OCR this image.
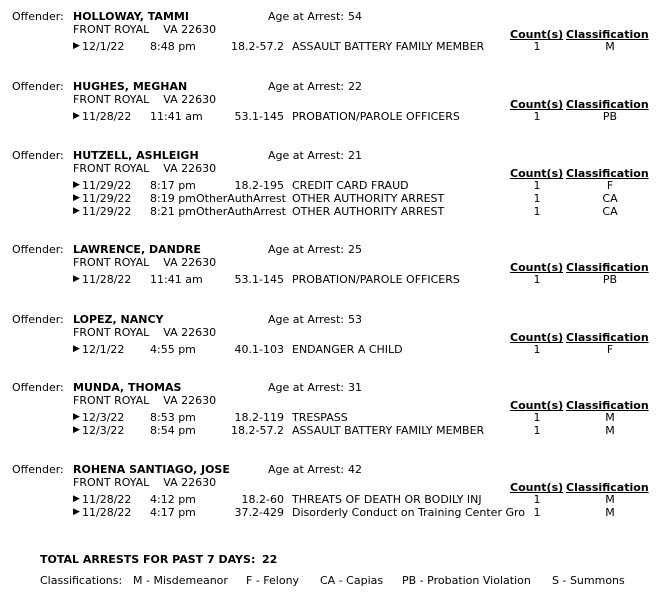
Offender: HOLLOWAY, TAMMI	Age at Arrest: 54
FRONT ROYAL    VA 22630	Count(s) Classification
▶ 12/1/22 8:48 pm	18.2-57.2 ASSAULT BATTERY FAMILY MEMBER	1	M
Offender: HUGHES, MEGHAN	Age at Arrest: 22
FRONT ROYAL    VA 22630	Count(s) Classification
▶ 11/28/22 11:41 am	53.1-145 PROBATION/PAROLE OFFICERS	1	PB
Offender: HUTZELL, ASHLEIGH	Age at Arrest: 21
FRONT ROYAL    VA 22630	Count(s) Classification
▶ 11/29/22 8:17 pm	18.2-195 CREDIT CARD FRAUD	1	F
▶ 11/29/22 8:19 pm OtherAuthArrest OTHER AUTHORITY ARREST	1	CA
▶ 11/29/22 8:21 pm OtherAuthArrest OTHER AUTHORITY ARREST	1	CA
Offender: LAWRENCE, DANDRE	Age at Arrest: 25
FRONT ROYAL    VA 22630	Count(s) Classification
▶ 11/28/22 11:41 am	53.1-145 PROBATION/PAROLE OFFICERS	1	PB
Offender: LOPEZ, NANCY	Age at Arrest: 53
FRONT ROYAL    VA 22630	Count(s) Classification
▶ 12/1/22 4:55 pm	40.1-103 ENDANGER A CHILD	1	F
Offender: MUNDA, THOMAS	Age at Arrest: 31
FRONT ROYAL    VA 22630	Count(s) Classification
▶ 12/3/22 8:53 pm	18.2-119 TRESPASS	1	M
▶ 12/3/22 8:54 pm	18.2-57.2 ASSAULT BATTERY FAMILY MEMBER	1	M
Offender: ROHENA SANTIAGO, JOSE	Age at Arrest: 42
FRONT ROYAL    VA 22630	Count(s) Classification
▶ 11/28/22 4:12 pm	18.2-60 THREATS OF DEATH OR BODILY INJ	1	M
▶ 11/28/22 4:17 pm	37.2-429 Disorderly Conduct on Training Center Gro 1	M
TOTAL ARRESTS FOR PAST 7 DAYS: 22
Classifications: M - Misdemeanor F - Felony CA - Capias PB - Probation Violation S - Summons
